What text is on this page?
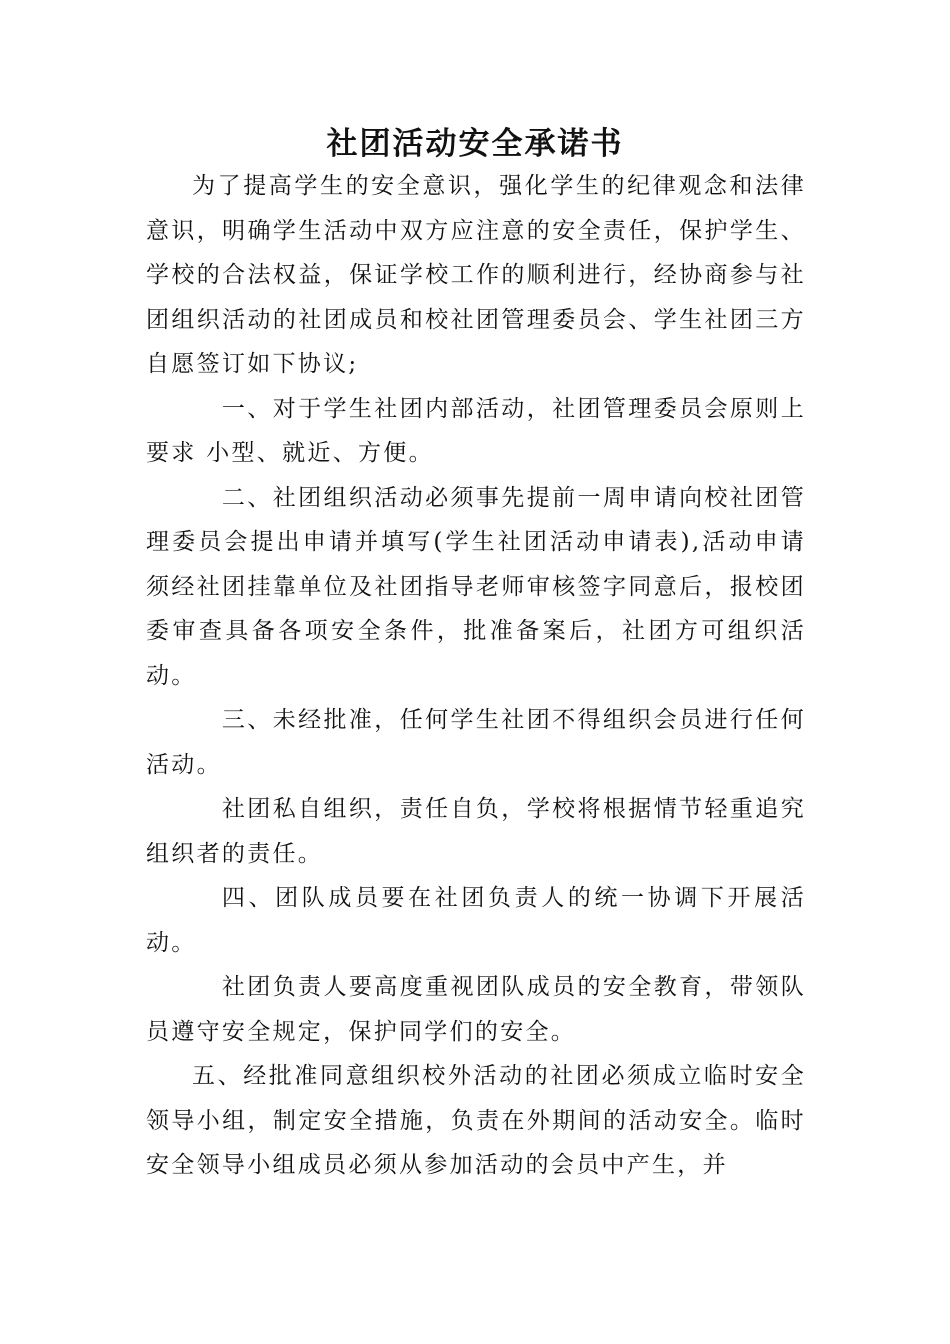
社团活动安全承诺书

为了提高学生的安全意识，强化学生的纪律观念和法律意识，明确学生活动中双方应注意的安全责任，保护学生、学校的合法权益，保证学校工作的顺利进行，经协商参与社团组织活动的社团成员和校社团管理委员会、学生社团三方自愿签订如下协议;

一、对于学生社团内部活动，社团管理委员会原则上要求 小型、就近、方便。

二、社团组织活动必须事先提前一周申请向校社团管理委员会提出申请并填写(学生社团活动申请表),活动申请须经社团挂靠单位及社团指导老师审核签字同意后，报校团委审查具备各项安全条件，批准备案后，社团方可组织活动。

三、未经批准，任何学生社团不得组织会员进行任何活动。

社团私自组织，责任自负，学校将根据情节轻重追究组织者的责任。

四、团队成员要在社团负责人的统一协调下开展活动。

社团负责人要高度重视团队成员的安全教育，带领队员遵守安全规定，保护同学们的安全。

五、经批准同意组织校外活动的社团必须成立临时安全领导小组，制定安全措施，负责在外期间的活动安全。临时安全领导小组成员必须从参加活动的会员中产生，并
